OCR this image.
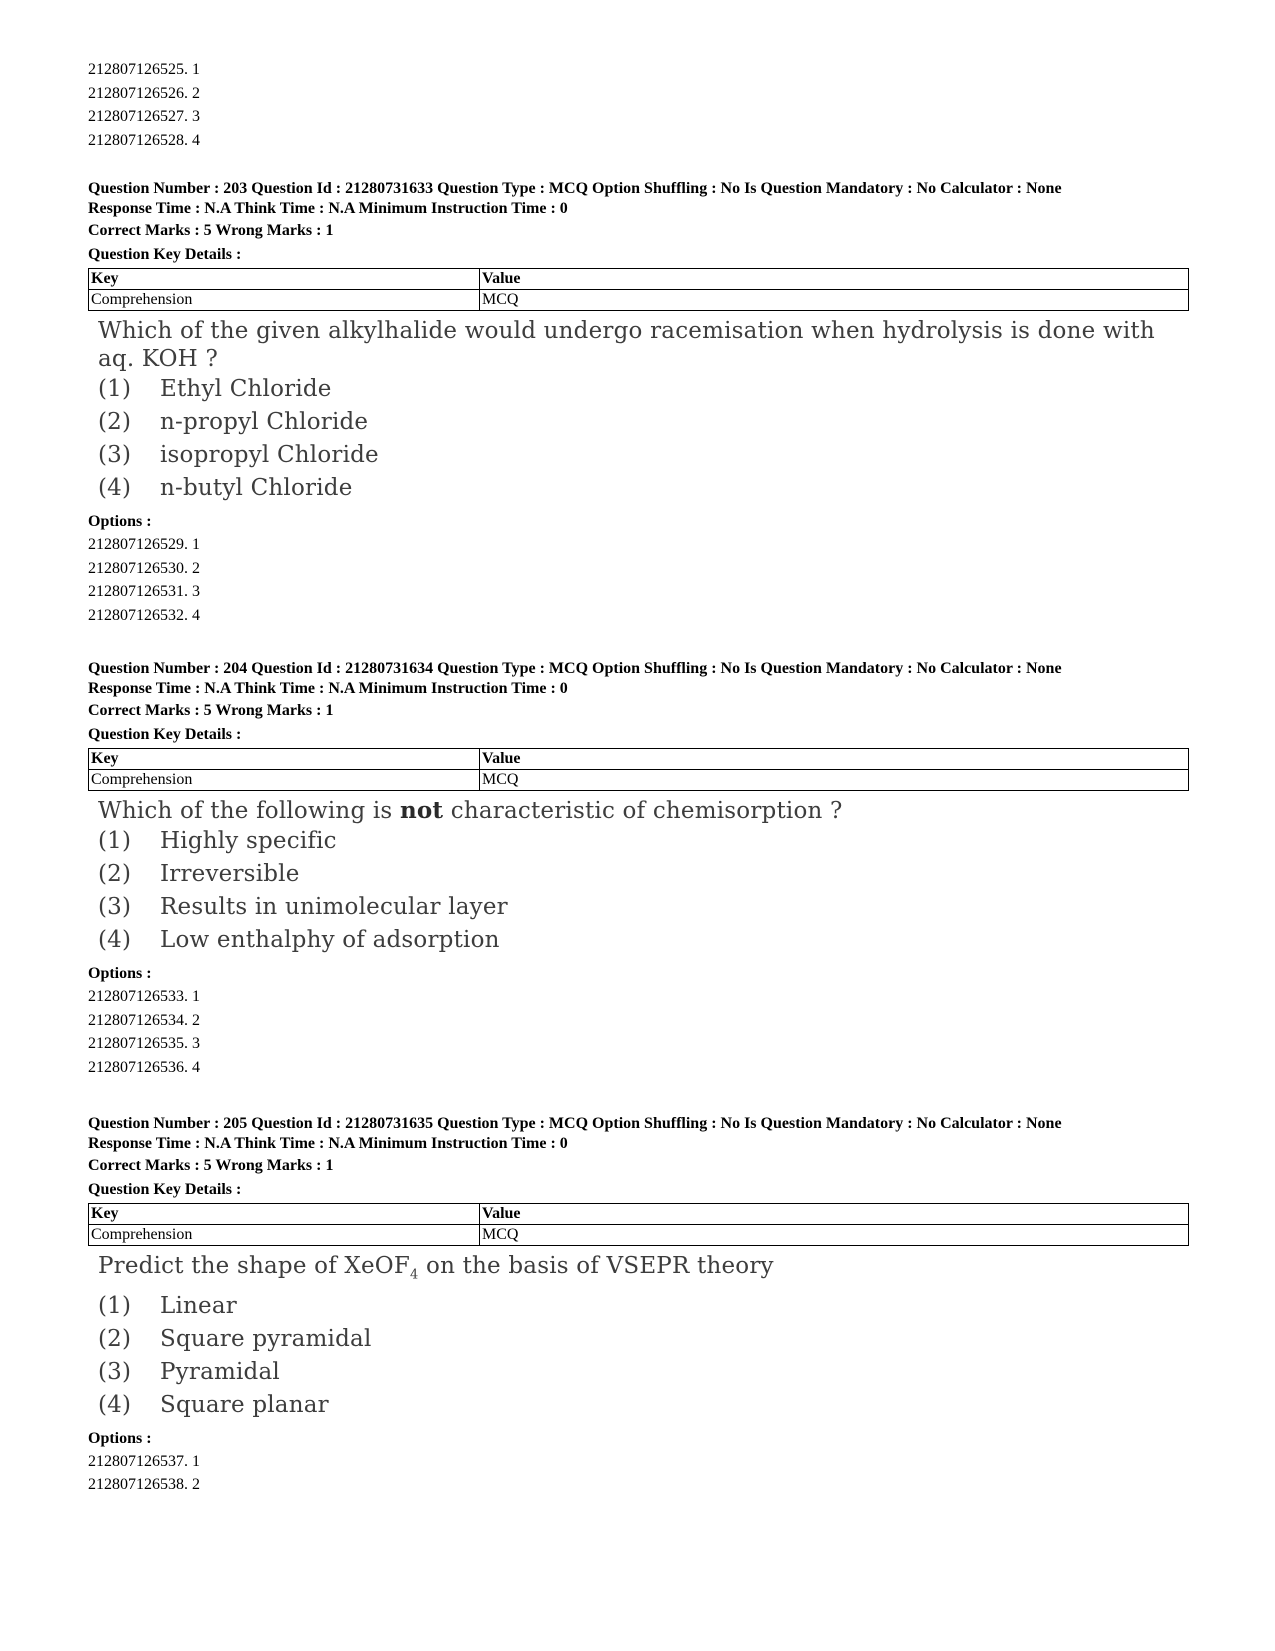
212807126525. 1
212807126526. 2
212807126527. 3
212807126528. 4
Question Number : 203 Question Id : 21280731633 Question Type : MCQ Option Shuffling : No Is Question Mandatory : No Calculator : None
Response Time : N.A Think Time : N.A Minimum Instruction Time : 0
Correct Marks : 5 Wrong Marks : 1
Question Key Details :
Key	Value
Comprehension	MCQ
Which of the given alkylhalide would undergo racemisation when hydrolysis is done with aq. KOH ?
(1) Ethyl Chloride
(2) n-propyl Chloride
(3) isopropyl Chloride
(4) n-butyl Chloride
Options :
212807126529. 1
212807126530. 2
212807126531. 3
212807126532. 4
Question Number : 204 Question Id : 21280731634 Question Type : MCQ Option Shuffling : No Is Question Mandatory : No Calculator : None
Response Time : N.A Think Time : N.A Minimum Instruction Time : 0
Correct Marks : 5 Wrong Marks : 1
Question Key Details :
Key	Value
Comprehension	MCQ
Which of the following is not characteristic of chemisorption ?
(1) Highly specific
(2) Irreversible
(3) Results in unimolecular layer
(4) Low enthalphy of adsorption
Options :
212807126533. 1
212807126534. 2
212807126535. 3
212807126536. 4
Question Number : 205 Question Id : 21280731635 Question Type : MCQ Option Shuffling : No Is Question Mandatory : No Calculator : None
Response Time : N.A Think Time : N.A Minimum Instruction Time : 0
Correct Marks : 5 Wrong Marks : 1
Question Key Details :
Key	Value
Comprehension	MCQ
Predict the shape of XeOF$_4$ on the basis of VSEPR theory
(1) Linear
(2) Square pyramidal
(3) Pyramidal
(4) Square planar
Options :
212807126537. 1
212807126538. 2
